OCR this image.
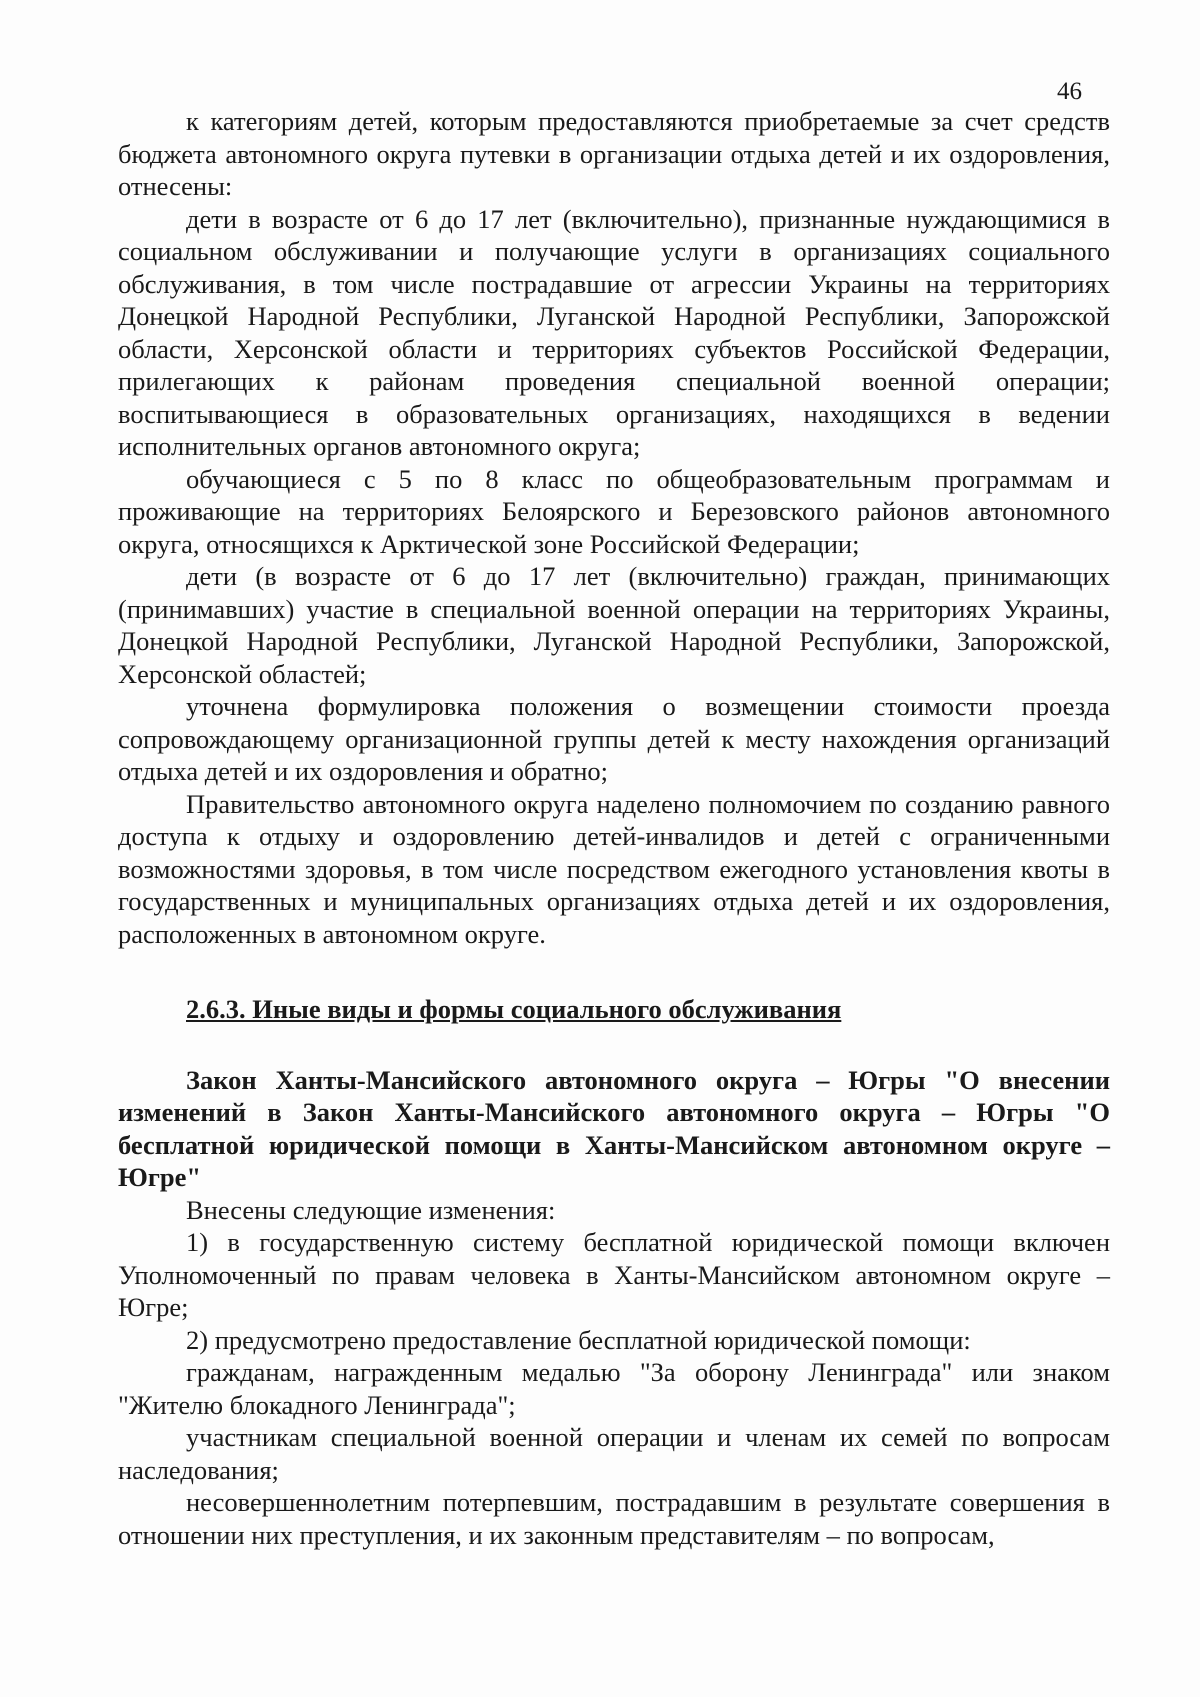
46

к категориям детей, которым предоставляются приобретаемые за счет средств бюджета автономного округа путевки в организации отдыха детей и их оздоровления, отнесены:

дети в возрасте от 6 до 17 лет (включительно), признанные нуждающимися в социальном обслуживании и получающие услуги в организациях социального обслуживания, в том числе пострадавшие от агрессии Украины на территориях Донецкой Народной Республики, Луганской Народной Республики, Запорожской области, Херсонской области и территориях субъектов Российской Федерации, прилегающих к районам проведения специальной военной операции; воспитывающиеся в образовательных организациях, находящихся в ведении исполнительных органов автономного округа;

обучающиеся с 5 по 8 класс по общеобразовательным программам и проживающие на территориях Белоярского и Березовского районов автономного округа, относящихся к Арктической зоне Российской Федерации;

дети (в возрасте от 6 до 17 лет (включительно) граждан, принимающих (принимавших) участие в специальной военной операции на территориях Украины, Донецкой Народной Республики, Луганской Народной Республики, Запорожской, Херсонской областей;

уточнена формулировка положения о возмещении стоимости проезда сопровождающему организационной группы детей к месту нахождения организаций отдыха детей и их оздоровления и обратно;

Правительство автономного округа наделено полномочием по созданию равного доступа к отдыху и оздоровлению детей-инвалидов и детей с ограниченными возможностями здоровья, в том числе посредством ежегодного установления квоты в государственных и муниципальных организациях отдыха детей и их оздоровления, расположенных в автономном округе.

2.6.3. Иные виды и формы социального обслуживания

Закон Ханты-Мансийского автономного округа – Югры "О внесении изменений в Закон Ханты-Мансийского автономного округа – Югры "О бесплатной юридической помощи в Ханты-Мансийском автономном округе – Югре"

Внесены следующие изменения:

1) в государственную систему бесплатной юридической помощи включен Уполномоченный по правам человека в Ханты-Мансийском автономном округе – Югре;

2) предусмотрено предоставление бесплатной юридической помощи:

гражданам, награжденным медалью "За оборону Ленинграда" или знаком "Жителю блокадного Ленинграда";

участникам специальной военной операции и членам их семей по вопросам наследования;

несовершеннолетним потерпевшим, пострадавшим в результате совершения в отношении них преступления, и их законным представителям – по вопросам,
